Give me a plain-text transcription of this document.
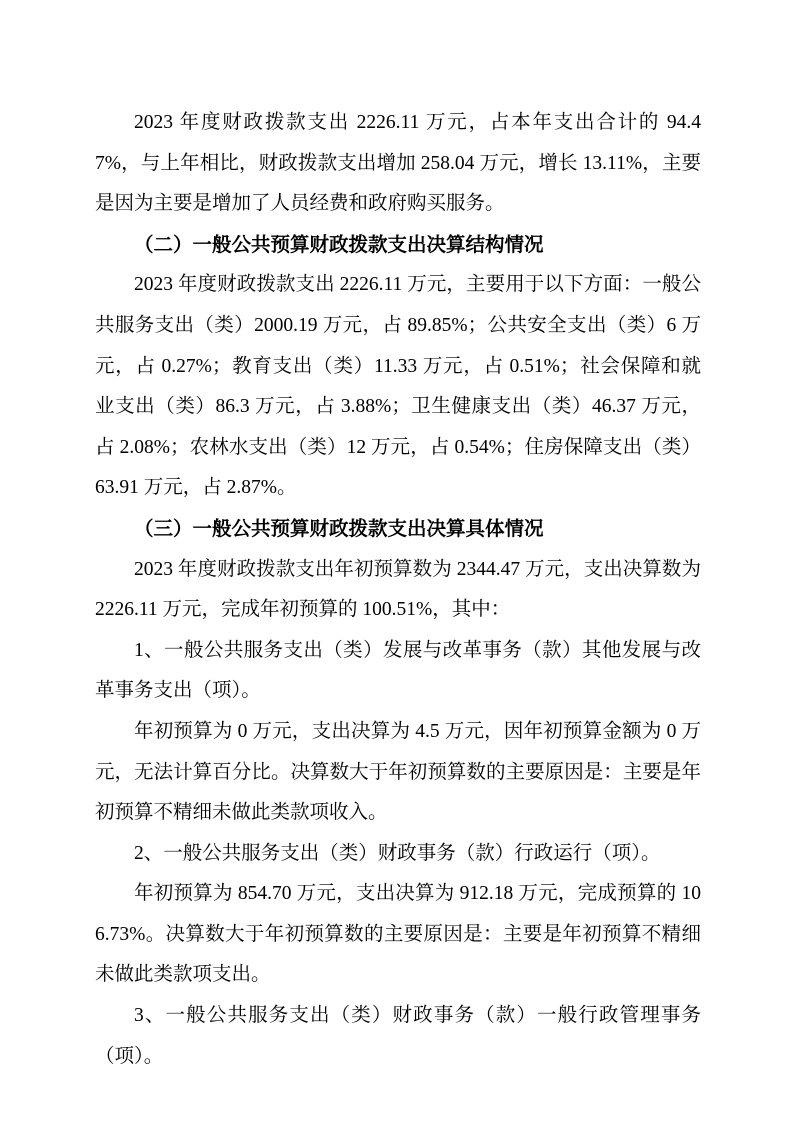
2023 年度财政拨款支出 2226.11 万元，占本年支出合计的 94.47%，与上年相比，财政拨款支出增加 258.04 万元，增长 13.11%，主要是因为主要是增加了人员经费和政府购买服务。

（二）一般公共预算财政拨款支出决算结构情况

2023 年度财政拨款支出 2226.11 万元，主要用于以下方面：一般公共服务支出（类）2000.19 万元，占 89.85%；公共安全支出（类）6 万元，占 0.27%；教育支出（类）11.33 万元，占 0.51%；社会保障和就业支出（类）86.3 万元，占 3.88%；卫生健康支出（类）46.37 万元，占 2.08%；农林水支出（类）12 万元，占 0.54%；住房保障支出（类）63.91 万元，占 2.87%。

（三）一般公共预算财政拨款支出决算具体情况

2023 年度财政拨款支出年初预算数为 2344.47 万元，支出决算数为 2226.11 万元，完成年初预算的 100.51%，其中：

1、一般公共服务支出（类）发展与改革事务（款）其他发展与改革事务支出（项）。

年初预算为 0 万元，支出决算为 4.5 万元，因年初预算金额为 0 万元，无法计算百分比。决算数大于年初预算数的主要原因是：主要是年初预算不精细未做此类款项收入。

2、一般公共服务支出（类）财政事务（款）行政运行（项）。

年初预算为 854.70 万元，支出决算为 912.18 万元，完成预算的 106.73%。决算数大于年初预算数的主要原因是：主要是年初预算不精细未做此类款项支出。

3、一般公共服务支出（类）财政事务（款）一般行政管理事务（项）。
